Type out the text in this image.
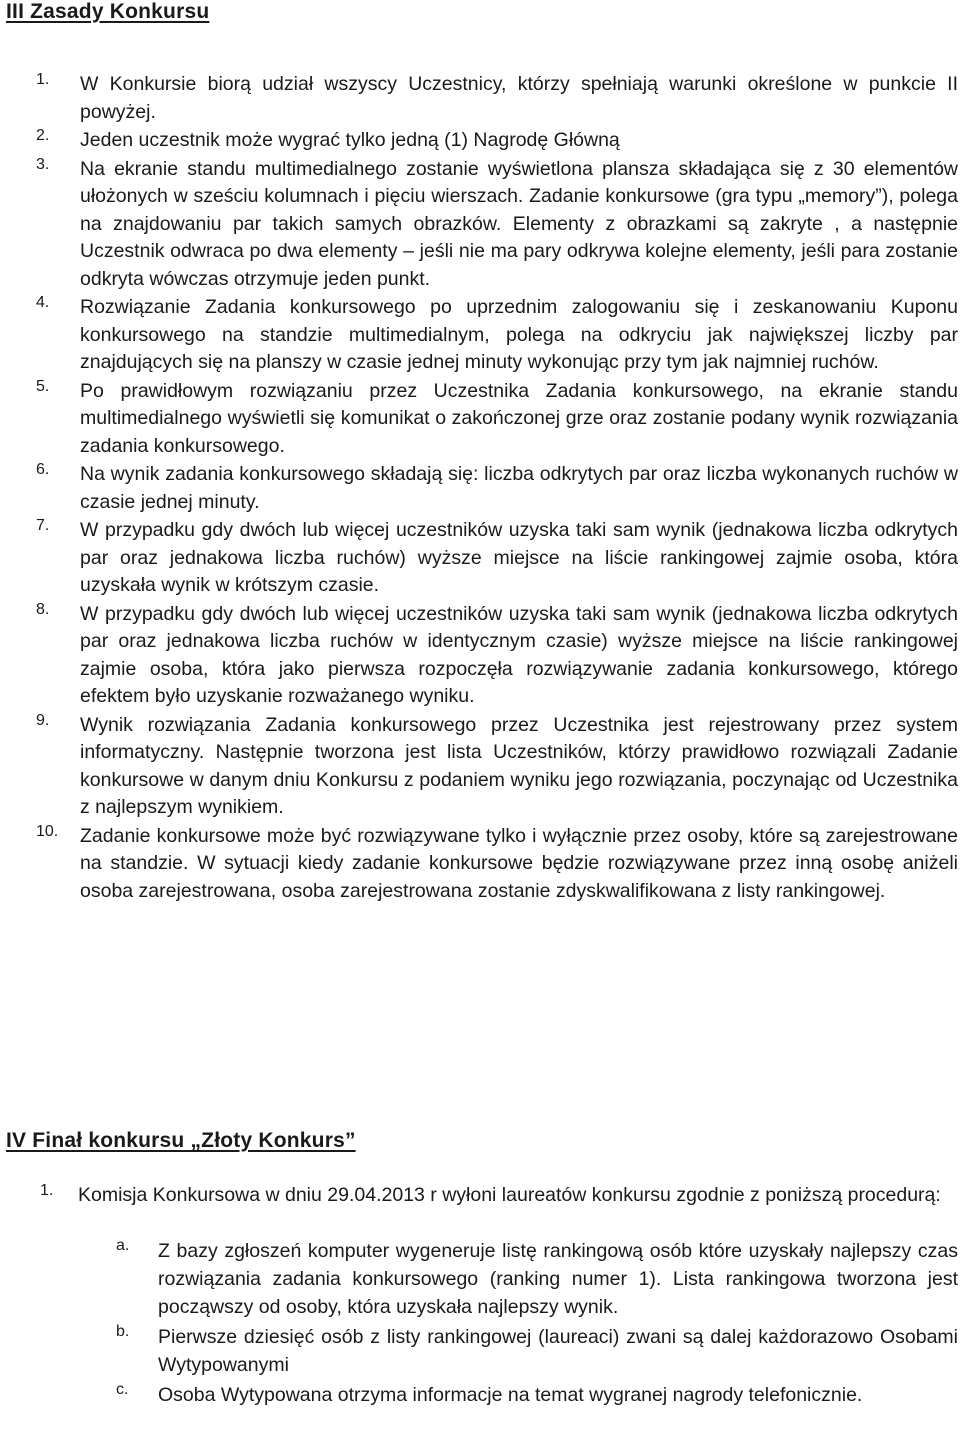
III Zasady Konkursu
1. W Konkursie biorą udział wszyscy Uczestnicy, którzy spełniają warunki określone w punkcie II powyżej.
2. Jeden uczestnik może wygrać tylko jedną (1) Nagrodę Główną
3. Na ekranie standu multimedialnego zostanie wyświetlona plansza składająca się z 30 elementów ułożonych w sześciu kolumnach i pięciu wierszach. Zadanie konkursowe (gra typu „memory”), polega na znajdowaniu par takich samych obrazków. Elementy z obrazkami są zakryte , a następnie Uczestnik odwraca po dwa elementy – jeśli nie ma pary odkrywa kolejne elementy, jeśli para zostanie odkryta wówczas otrzymuje jeden punkt.
4. Rozwiązanie Zadania konkursowego po uprzednim zalogowaniu się i zeskanowaniu Kuponu konkursowego na standzie multimedialnym, polega na odkryciu jak największej liczby par znajdujących się na planszy w czasie jednej minuty wykonując przy tym jak najmniej ruchów.
5. Po prawidłowym rozwiązaniu przez Uczestnika Zadania konkursowego, na ekranie standu multimedialnego wyświetli się komunikat o zakończonej grze oraz zostanie podany wynik rozwiązania zadania konkursowego.
6. Na wynik zadania konkursowego składają się: liczba odkrytych par oraz liczba wykonanych ruchów w czasie jednej minuty.
7. W przypadku gdy dwóch lub więcej uczestników uzyska taki sam wynik (jednakowa liczba odkrytych par oraz jednakowa liczba ruchów) wyższe miejsce na liście rankingowej zajmie osoba, która uzyskała wynik w krótszym czasie.
8. W przypadku gdy dwóch lub więcej uczestników uzyska taki sam wynik (jednakowa liczba odkrytych par oraz jednakowa liczba ruchów w identycznym czasie) wyższe miejsce na liście rankingowej zajmie osoba, która jako pierwsza rozpoczęła rozwiązywanie zadania konkursowego, którego efektem było uzyskanie rozważanego wyniku.
9. Wynik rozwiązania Zadania konkursowego przez Uczestnika jest rejestrowany przez system informatyczny. Następnie tworzona jest lista Uczestników, którzy prawidłowo rozwiązali Zadanie konkursowe w danym dniu Konkursu z podaniem wyniku jego rozwiązania, poczynając od Uczestnika z najlepszym wynikiem.
10. Zadanie konkursowe może być rozwiązywane tylko i wyłącznie przez osoby, które są zarejestrowane na standzie. W sytuacji kiedy zadanie konkursowe będzie rozwiązywane przez inną osobę aniżeli osoba zarejestrowana, osoba zarejestrowana zostanie zdyskwalifikowana z listy rankingowej.
IV Finał konkursu „Złoty Konkurs”
1. Komisja Konkursowa w dniu 29.04.2013 r wyłoni laureatów konkursu zgodnie z poniższą procedurą:
a. Z bazy zgłoszeń komputer wygeneruje listę rankingową osób które uzyskały najlepszy czas rozwiązania zadania konkursowego (ranking numer 1). Lista rankingowa tworzona jest począwszy od osoby, która uzyskała najlepszy wynik.
b. Pierwsze dziesięć osób z listy rankingowej (laureaci) zwani są dalej każdorazowo Osobami Wytypowanymi
c. Osoba Wytypowana otrzyma informacje na temat wygranej nagrody telefonicznie.
